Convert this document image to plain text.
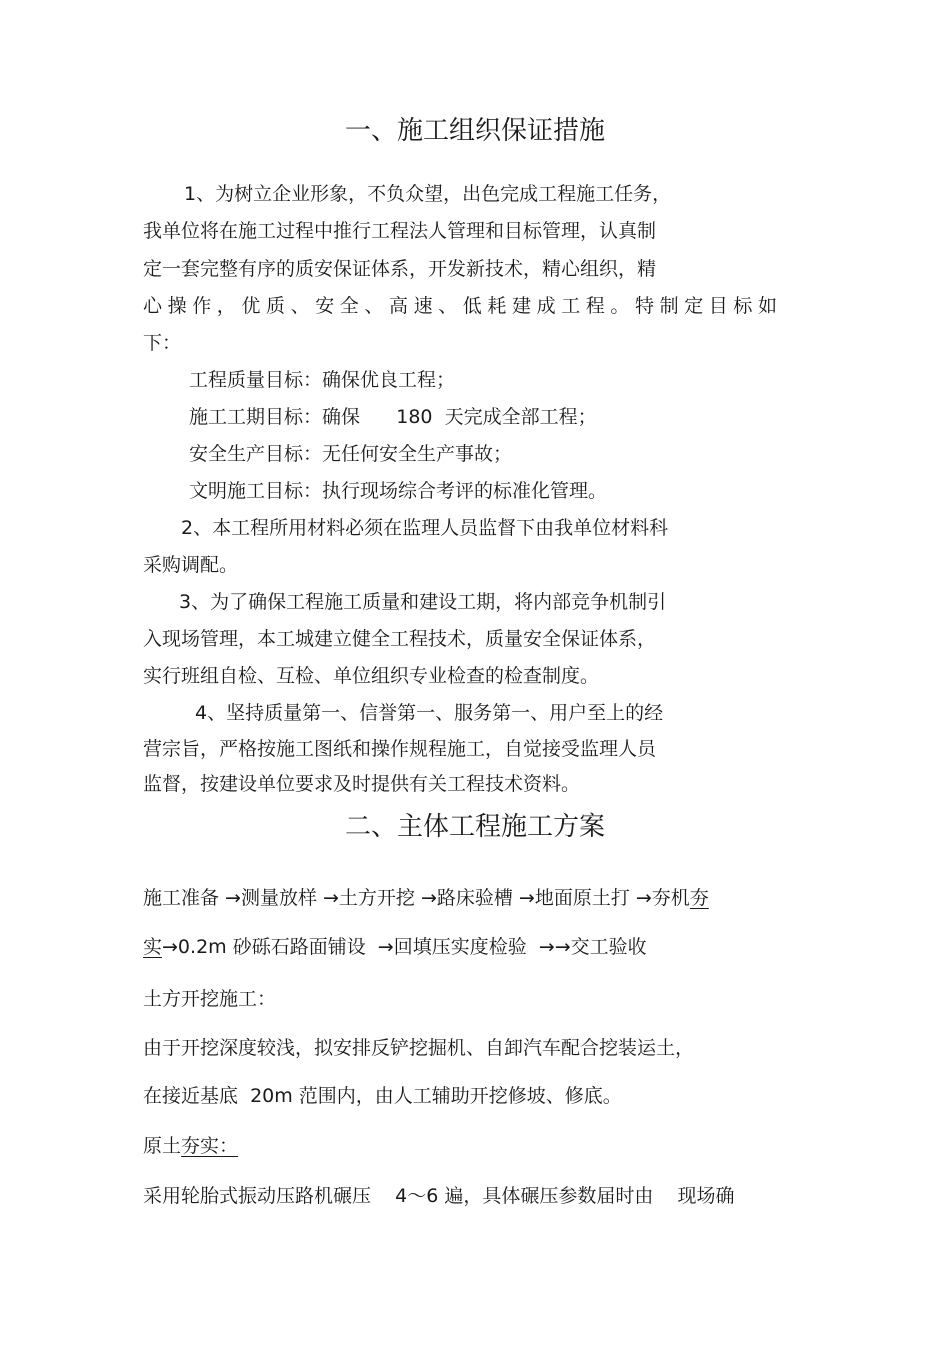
一、施工组织保证措施
1、为树立企业形象，不负众望，出色完成工程施工任务，
我单位将在施工过程中推行工程法人管理和目标管理，认真制
定一套完整有序的质安保证体系，开发新技术，精心组织，精
心操作，优质、安全、高速、低耗建成工程。特制定目标如
下：
工程质量目标：确保优良工程；
施工工期目标：确保      180  天完成全部工程；
安全生产目标：无任何安全生产事故；
文明施工目标：执行现场综合考评的标准化管理。
2、本工程所用材料必须在监理人员监督下由我单位材料科
采购调配。
3、为了确保工程施工质量和建设工期，将内部竞争机制引
入现场管理，本工城建立健全工程技术，质量安全保证体系，
实行班组自检、互检、单位组织专业检查的检查制度。
4、坚持质量第一、信誉第一、服务第一、用户至上的经
营宗旨，严格按施工图纸和操作规程施工，自觉接受监理人员
监督，按建设单位要求及时提供有关工程技术资料。
二、主体工程施工方案
施工准备 →测量放样 →土方开挖 →路床验槽 →地面原土打 →夯机夯
实→0.2m 砂砾石路面铺设  →回填压实度检验  →→交工验收
土方开挖施工：
由于开挖深度较浅，拟安排反铲挖掘机、自卸汽车配合挖装运土，
在接近基底  20m 范围内，由人工辅助开挖修坡、修底。
原土夯实：
采用轮胎式振动压路机碾压    4～6 遍，具体碾压参数届时由    现场确
